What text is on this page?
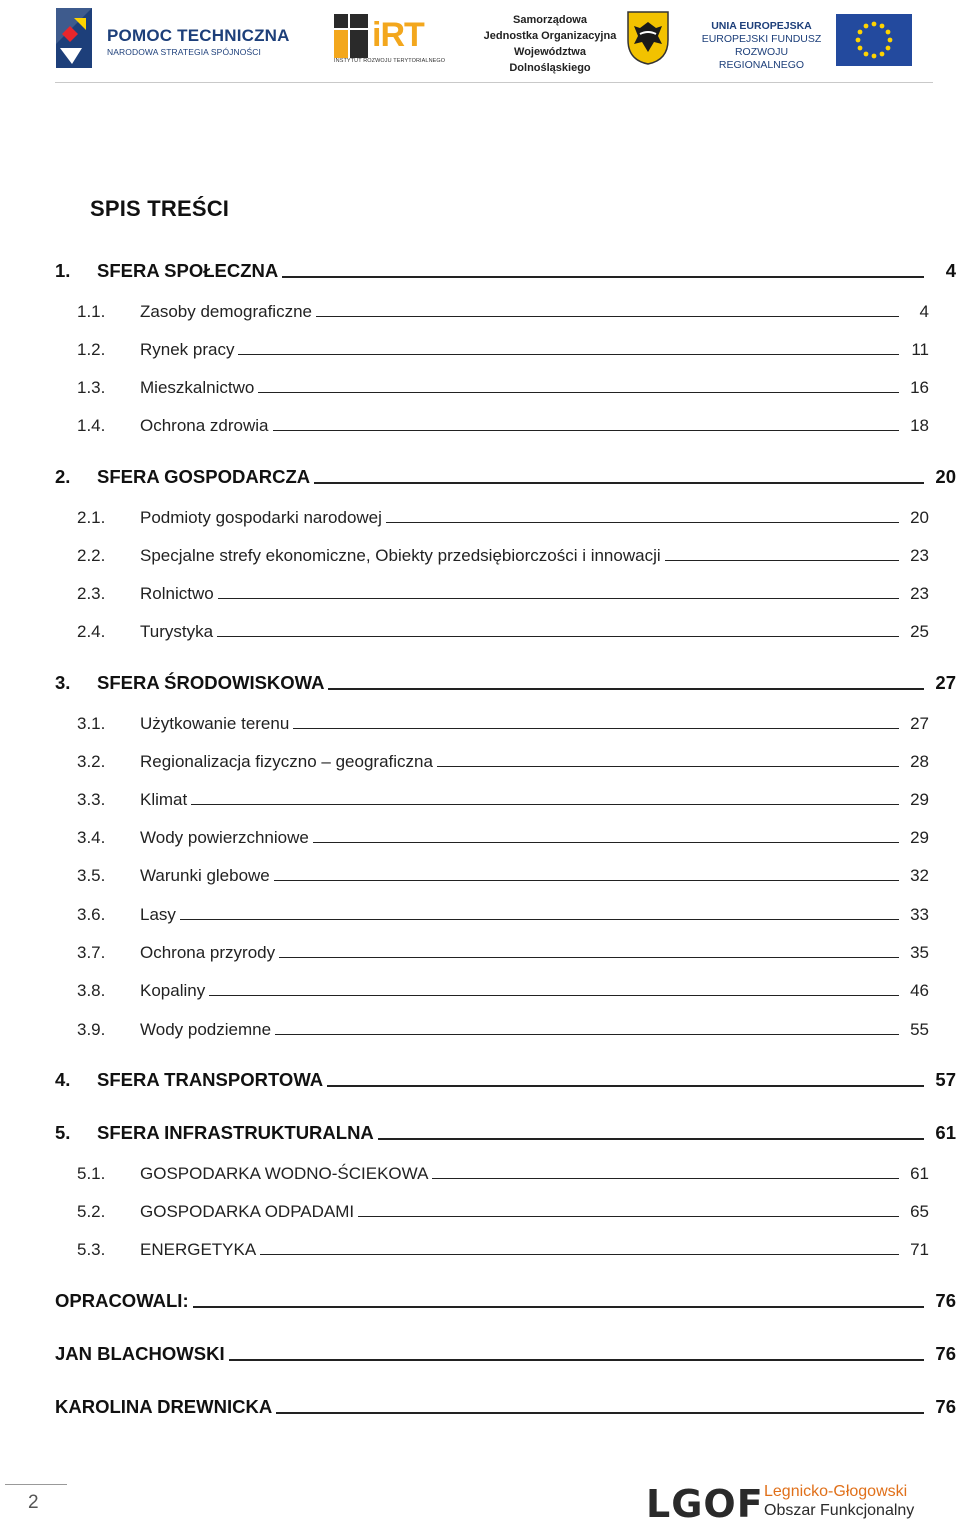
POMOC TECHNICZNA
NARODOWA STRATEGIA SPÓJNOŚCI	iRT
INSTYTUT ROZWOJU TERYTORIALNEGO
Samorządowa
Jednostka Organizacyjna
Województwa Dolnośląskiego
UNIA EUROPEJSKA
EUROPEJSKI FUNDUSZ
ROZWOJU REGIONALNEGO
SPIS TREŚCI
1. SFERA SPOŁECZNA	4
1.1. Zasoby demograficzne	4
1.2. Rynek pracy	11
1.3. Mieszkalnictwo	16
1.4. Ochrona zdrowia	18
2. SFERA GOSPODARCZA	20
2.1. Podmioty gospodarki narodowej	20
2.2. Specjalne strefy ekonomiczne, Obiekty przedsiębiorczości i innowacji	23
2.3. Rolnictwo	23
2.4. Turystyka	25
3. SFERA ŚRODOWISKOWA	27
3.1. Użytkowanie terenu	27
3.2. Regionalizacja fizyczno – geograficzna	28
3.3. Klimat	29
3.4. Wody powierzchniowe	29
3.5. Warunki glebowe	32
3.6. Lasy	33
3.7. Ochrona przyrody	35
3.8. Kopaliny	46
3.9. Wody podziemne	55
4. SFERA TRANSPORTOWA	57
5. SFERA INFRASTRUKTURALNA	61
5.1. GOSPODARKA WODNO-ŚCIEKOWA	61
5.2. GOSPODARKA ODPADAMI	65
5.3. ENERGETYKA	71
OPRACOWALI:	76
JAN BLACHOWSKI	76
KAROLINA DREWNICKA	76
2	LGOF Legnicko-Głogowski
Obszar Funkcjonalny
